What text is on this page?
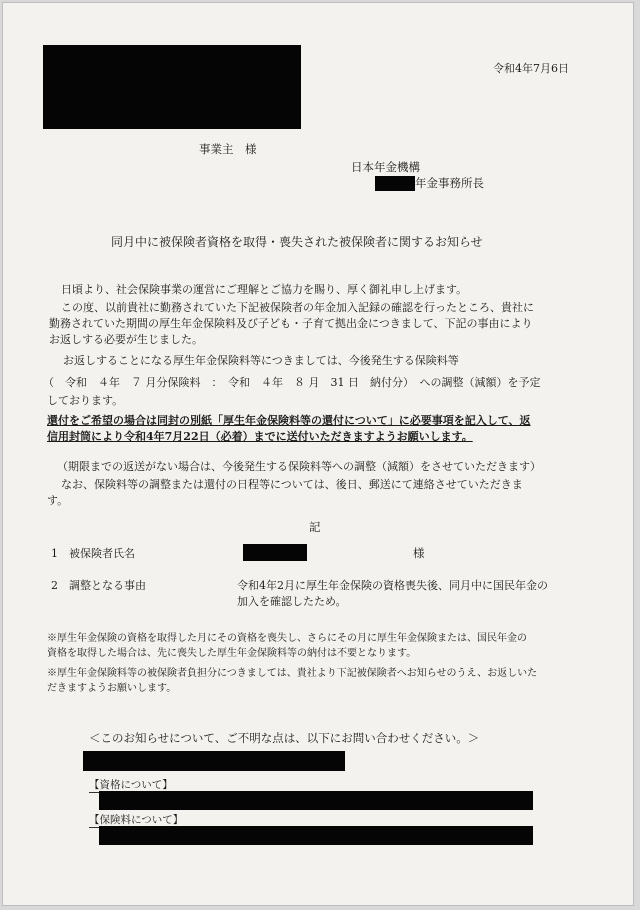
令和4年7月6日
事業主　様
日本年金機構
年金事務所長
同月中に被保険者資格を取得・喪失された被保険者に関するお知らせ
日頃より、社会保険事業の運営にご理解とご協力を賜り、厚く御礼申し上げます。
この度、以前貴社に勤務されていた下記被保険者の年金加入記録の確認を行ったところ、貴社に
勤務されていた期間の厚生年金保険料及び子ども・子育て拠出金につきまして、下記の事由により
お返しする必要が生じました。
お返しすることになる厚生年金保険料等につきましては、今後発生する保険料等
（　令和　４年　７ 月分保険料　：　令和　４年　８ 月　31 日　納付分）　への調整（減額）を予定
しております。
還付をご希望の場合は同封の別紙「厚生年金保険料等の還付について」に必要事項を記入して、返
信用封筒により令和4年7月22日（必着）までに送付いただきますようお願いします。
（期限までの返送がない場合は、今後発生する保険料等への調整（減額）をさせていただきます）
なお、保険料等の調整または還付の日程等については、後日、郵送にて連絡させていただきま
す。
記
1 被保険者氏名	様
2 調整となる事由	令和4年2月に厚生年金保険の資格喪失後、同月中に国民年金の
加入を確認したため。
※厚生年金保険の資格を取得した月にその資格を喪失し、さらにその月に厚生年金保険または、国民年金の
資格を取得した場合は、先に喪失した厚生年金保険料等の納付は不要となります。
※厚生年金保険料等の被保険者負担分につきましては、貴社より下記被保険者へお知らせのうえ、お返しいた
だきますようお願いします。
＜このお知らせについて、ご不明な点は、以下にお問い合わせください。＞
【資格について】
【保険料について】
